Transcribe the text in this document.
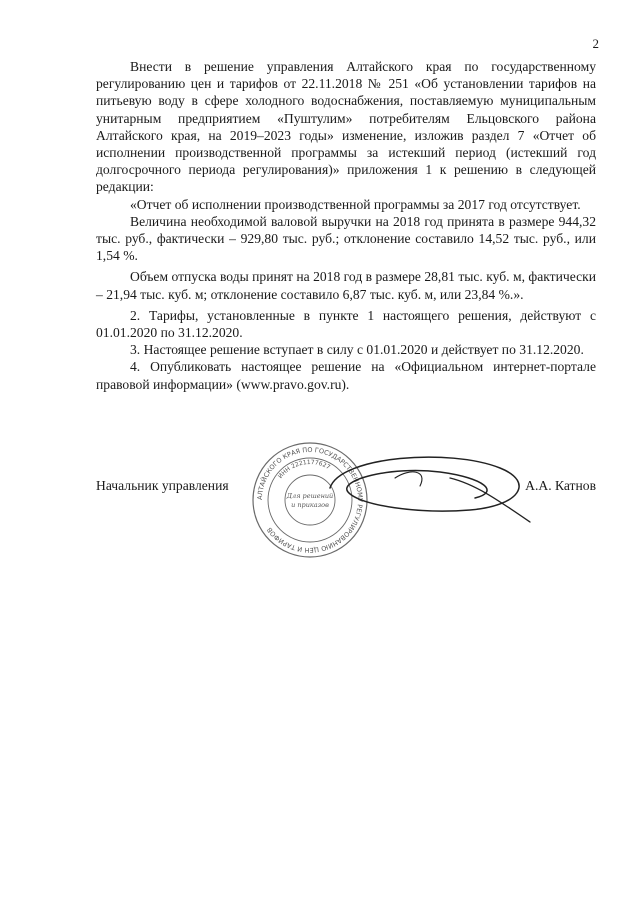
2

Внести в решение управления Алтайского края по государственному регулированию цен и тарифов от 22.11.2018 № 251 «Об установлении тарифов на питьевую воду в сфере холодного водоснабжения, поставляемую муниципальным унитарным предприятием «Пуштулим» потребителям Ельцовского района Алтайского края, на 2019–2023 годы» изменение, изложив раздел 7 «Отчет об исполнении производственной программы за истекший период (истекший год долгосрочного периода регулирования)» приложения 1 к решению в следующей редакции:

«Отчет об исполнении производственной программы за 2017 год отсутствует.

Величина необходимой валовой выручки на 2018 год принята в размере 944,32 тыс. руб., фактически – 929,80 тыс. руб.; отклонение составило 14,52 тыс. руб., или 1,54 %.

Объем отпуска воды принят на 2018 год в размере 28,81 тыс. куб. м, фактически – 21,94 тыс. куб. м; отклонение составило 6,87 тыс. куб. м, или 23,84 %.».

2. Тарифы, установленные в пункте 1 настоящего решения, действуют с 01.01.2020 по 31.12.2020.

3. Настоящее решение вступает в силу с 01.01.2020 и действует по 31.12.2020.

4. Опубликовать настоящее решение на «Официальном интернет-портале правовой информации» (www.pravo.gov.ru).

АЛТАЙСКОГО КРАЯ ПО ГОСУДАРСТВЕННОМУ РЕГУЛИРОВАНИЮ ЦЕН И ТАРИФОВ
ИНН 2221177627
Для решений
и приказов
Начальник управления	А.А. Катнов
